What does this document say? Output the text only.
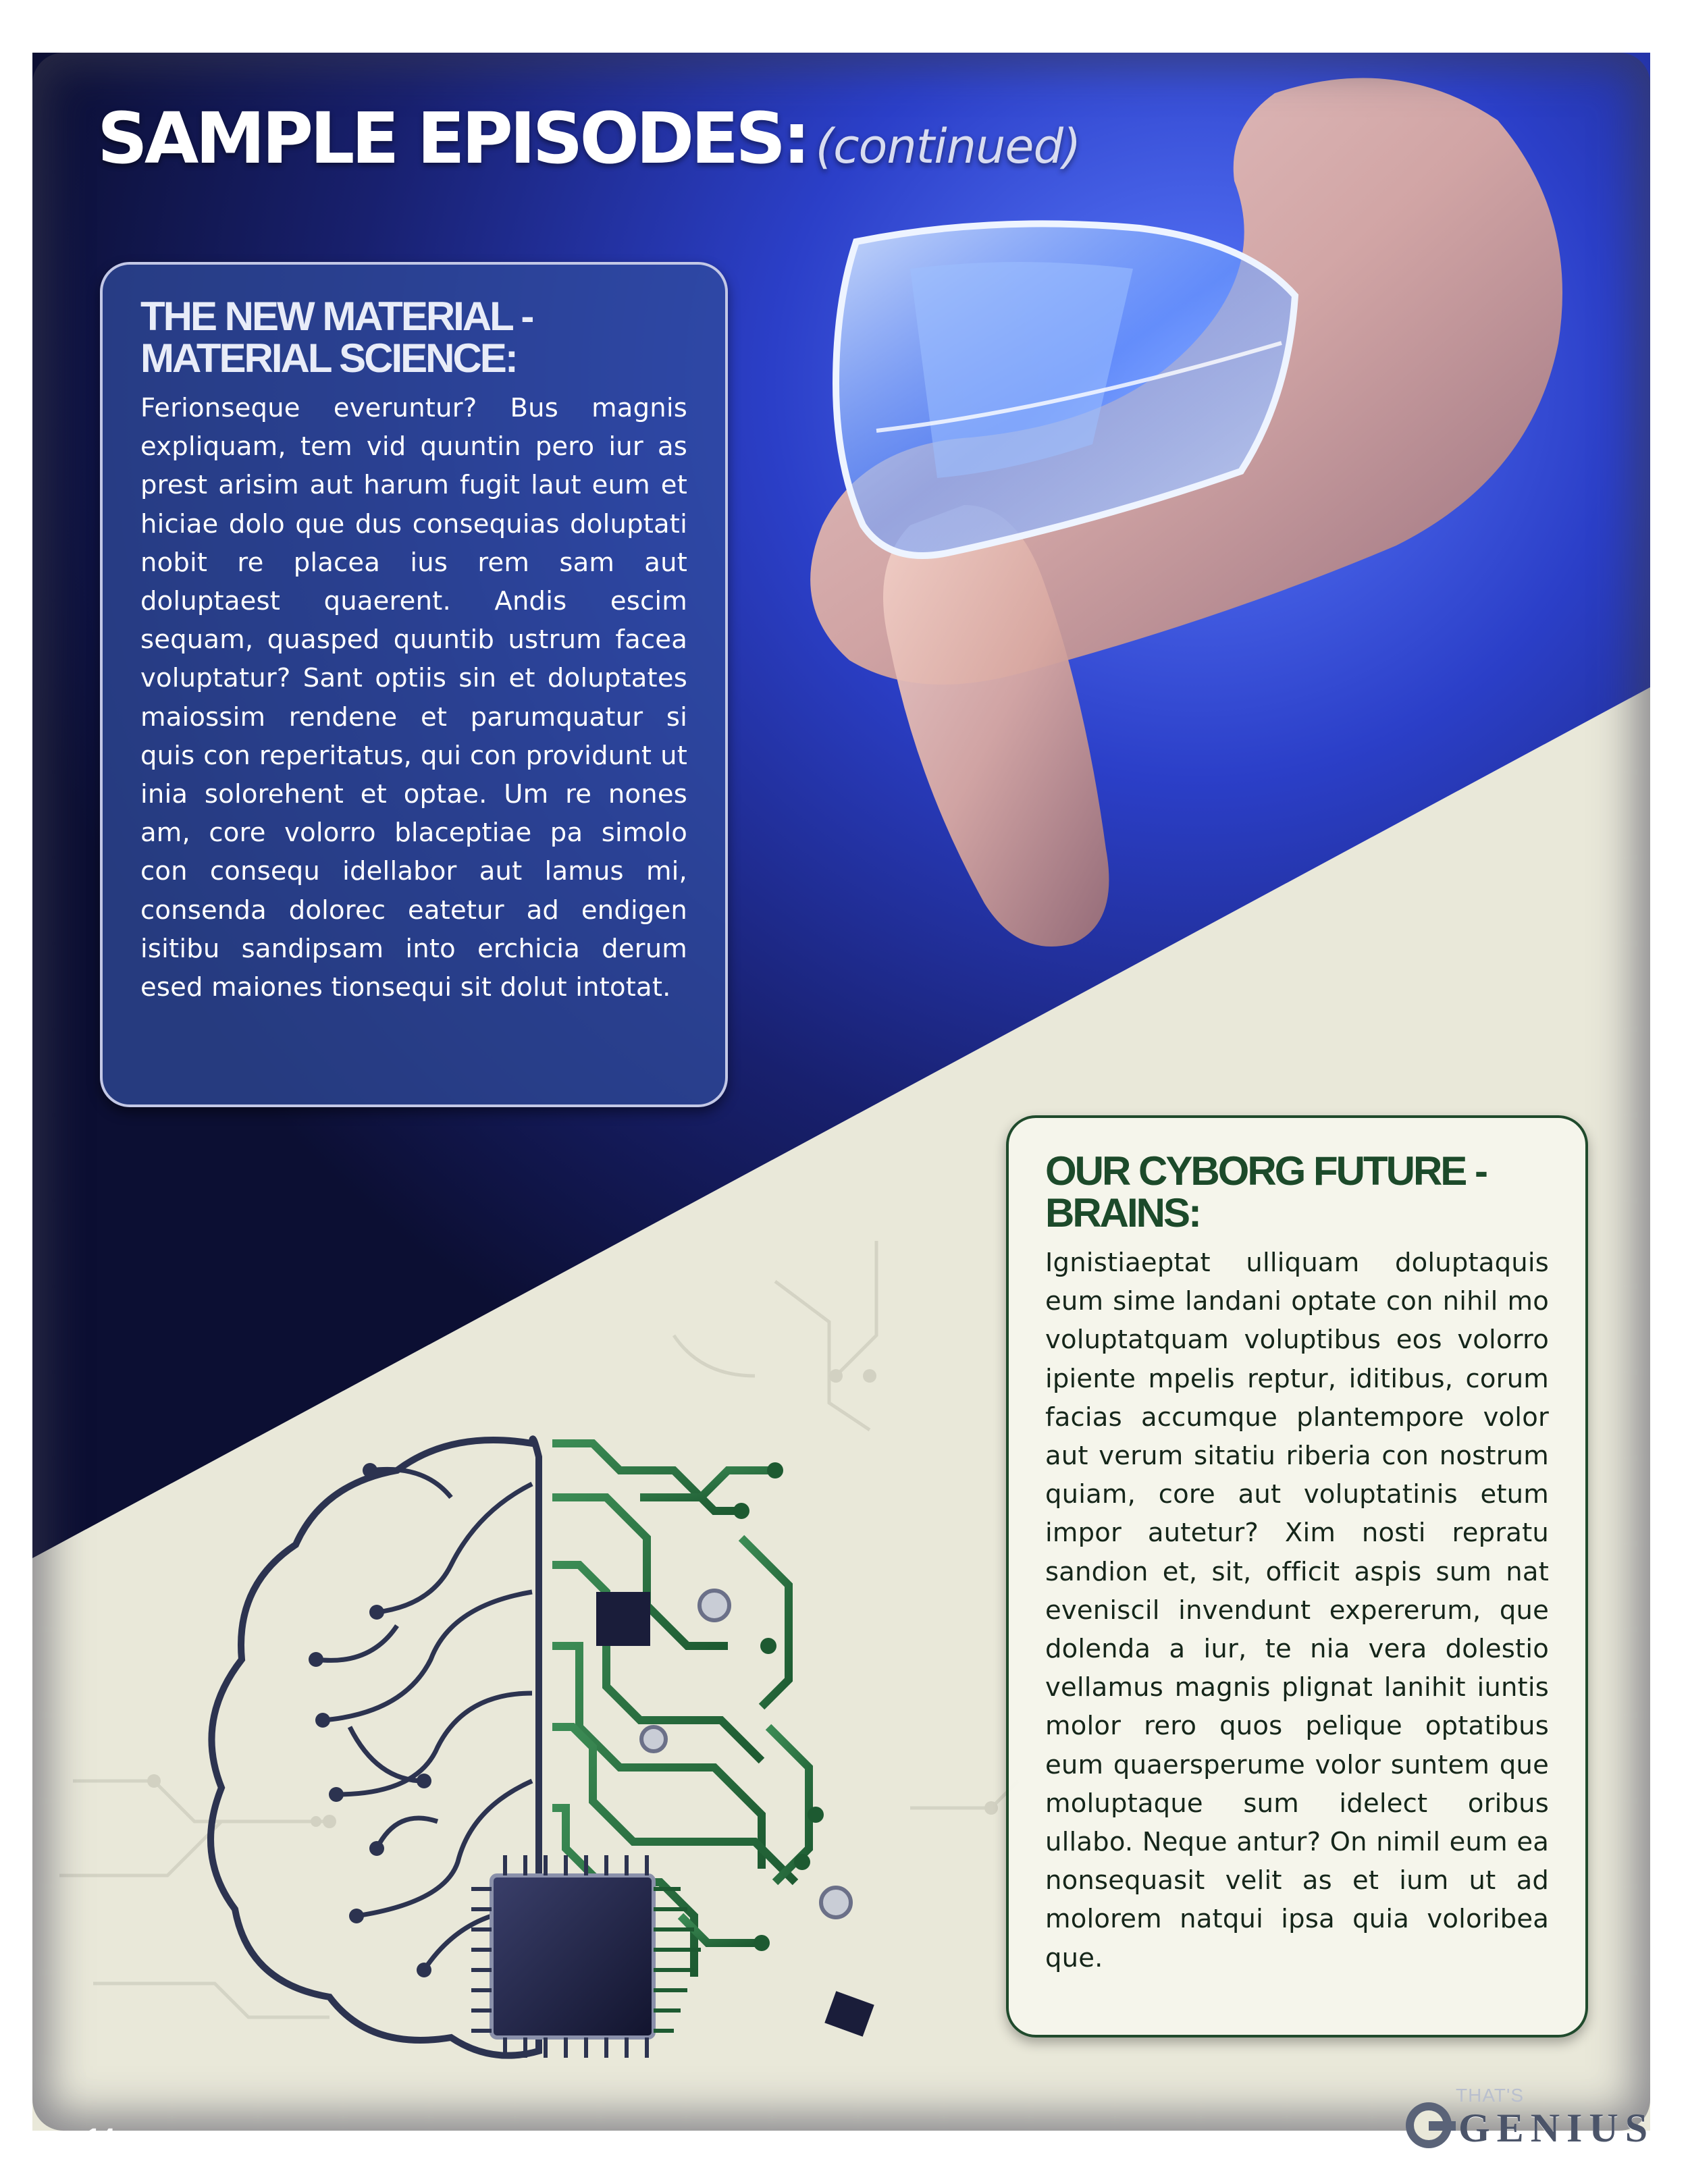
SAMPLE EPISODES: (continued)
THE NEW MATERIAL -
MATERIAL SCIENCE:

Ferionseque everuntur? Bus magnis expliquam, tem vid quuntin pero iur as prest arisim aut harum fugit laut eum et hiciae dolo que dus consequias doluptati nobit re placea ius rem sam aut doluptaest quaerent. Andis escim sequam, quasped quuntib ustrum facea voluptatur? Sant optiis sin et doluptates maiossim rendene et parumquatur si quis con reperitatus, qui con providunt ut inia solorehent et optae. Um re nones am, core volorro blaceptiae pa simolo con consequ idellabor aut lamus mi, consenda dolorec eatetur ad endigen isitibu sandipsam into erchicia derum esed maiones tionsequi sit dolut intotat.

OUR CYBORG FUTURE -
BRAINS:

Ignistiaeptat ulliquam doluptaquis eum sime landani optate con nihil mo voluptatquam voluptibus eos volorro ipiente mpelis reptur, iditibus, corum facias accumque plantempore volor aut verum sitatiu riberia con nostrum quiam, core aut voluptatinis etum impor autetur? Xim nosti repratu sandion et, sit, officit aspis sum nat eveniscil invendunt expererum, que dolenda a iur, te nia vera dolestio vellamus magnis plignat lanihit iuntis molor rero quos pelique optatibus eum quaersperume volor suntem que moluptaque sum idelect oribus ullabo. Neque antur? On nimil eum ea nonsequasit velit as et ium ut ad molorem natqui ipsa quia voloribea que.

14
THAT'S
GENIUS
